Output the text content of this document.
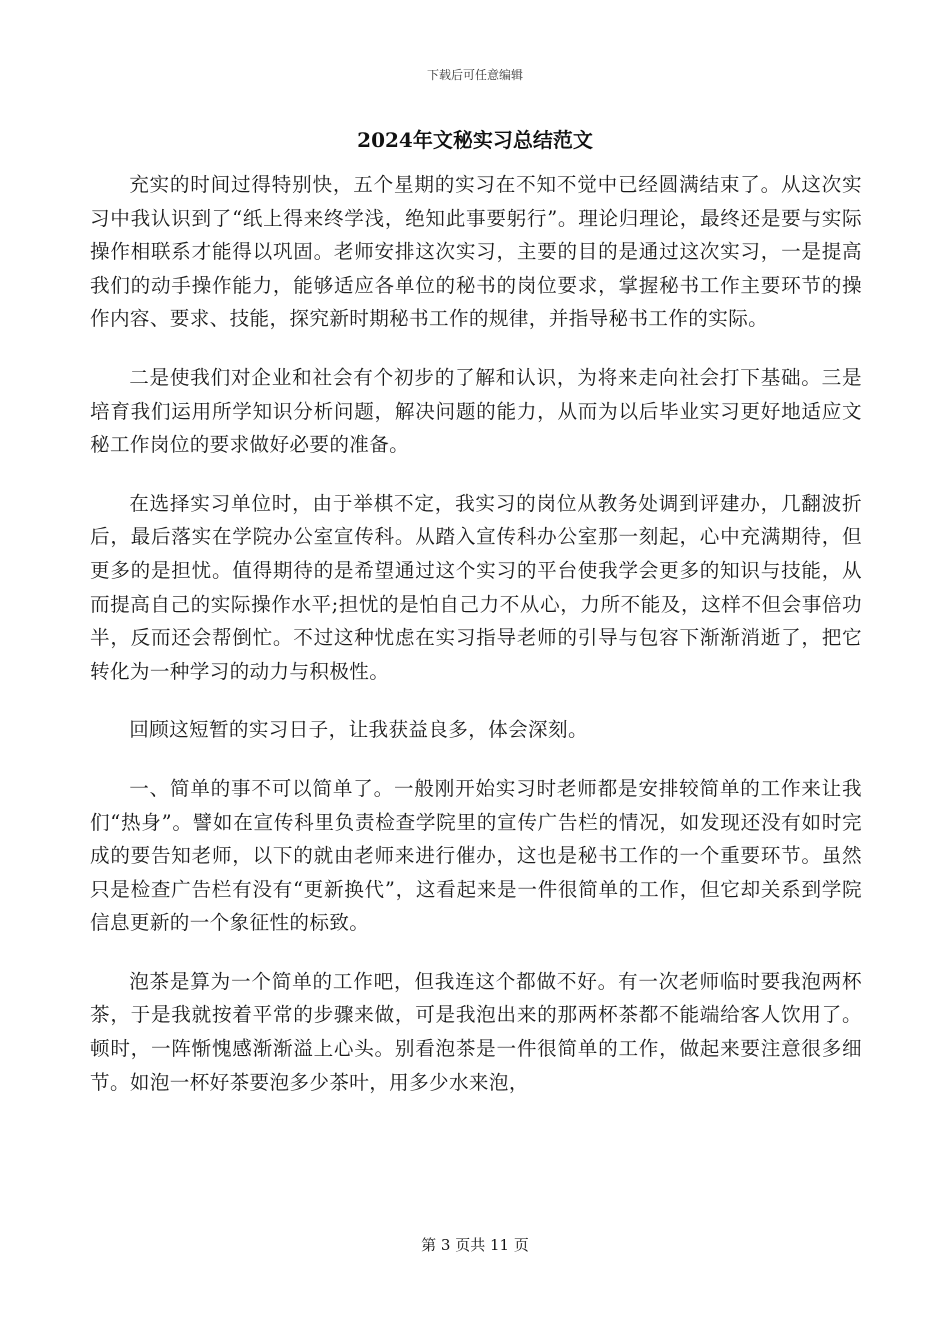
下载后可任意编辑
2024年文秘实习总结范文

充实的时间过得特别快，五个星期的实习在不知不觉中已经圆满结束了。从这次实习中我认识到了“纸上得来终学浅，绝知此事要躬行”。理论归理论，最终还是要与实际操作相联系才能得以巩固。老师安排这次实习，主要的目的是通过这次实习，一是提高我们的动手操作能力，能够适应各单位的秘书的岗位要求，掌握秘书工作主要环节的操作内容、要求、技能，探究新时期秘书工作的规律，并指导秘书工作的实际。

二是使我们对企业和社会有个初步的了解和认识，为将来走向社会打下基础。三是培育我们运用所学知识分析问题，解决问题的能力，从而为以后毕业实习更好地适应文秘工作岗位的要求做好必要的准备。

在选择实习单位时，由于举棋不定，我实习的岗位从教务处调到评建办，几翻波折后，最后落实在学院办公室宣传科。从踏入宣传科办公室那一刻起，心中充满期待，但更多的是担忧。值得期待的是希望通过这个实习的平台使我学会更多的知识与技能，从而提高自己的实际操作水平;担忧的是怕自己力不从心，力所不能及，这样不但会事倍功半，反而还会帮倒忙。不过这种忧虑在实习指导老师的引导与包容下渐渐消逝了，把它转化为一种学习的动力与积极性。

回顾这短暂的实习日子，让我获益良多，体会深刻。

一、简单的事不可以简单了。一般刚开始实习时老师都是安排较简单的工作来让我们“热身”。譬如在宣传科里负责检查学院里的宣传广告栏的情况，如发现还没有如时完成的要告知老师，以下的就由老师来进行催办，这也是秘书工作的一个重要环节。虽然只是检查广告栏有没有“更新换代”，这看起来是一件很简单的工作，但它却关系到学院信息更新的一个象征性的标致。

泡茶是算为一个简单的工作吧，但我连这个都做不好。有一次老师临时要我泡两杯茶，于是我就按着平常的步骤来做，可是我泡出来的那两杯茶都不能端给客人饮用了。顿时，一阵惭愧感渐渐溢上心头。别看泡茶是一件很简单的工作，做起来要注意很多细节。如泡一杯好茶要泡多少茶叶，用多少水来泡，

第 3 页共 11 页
